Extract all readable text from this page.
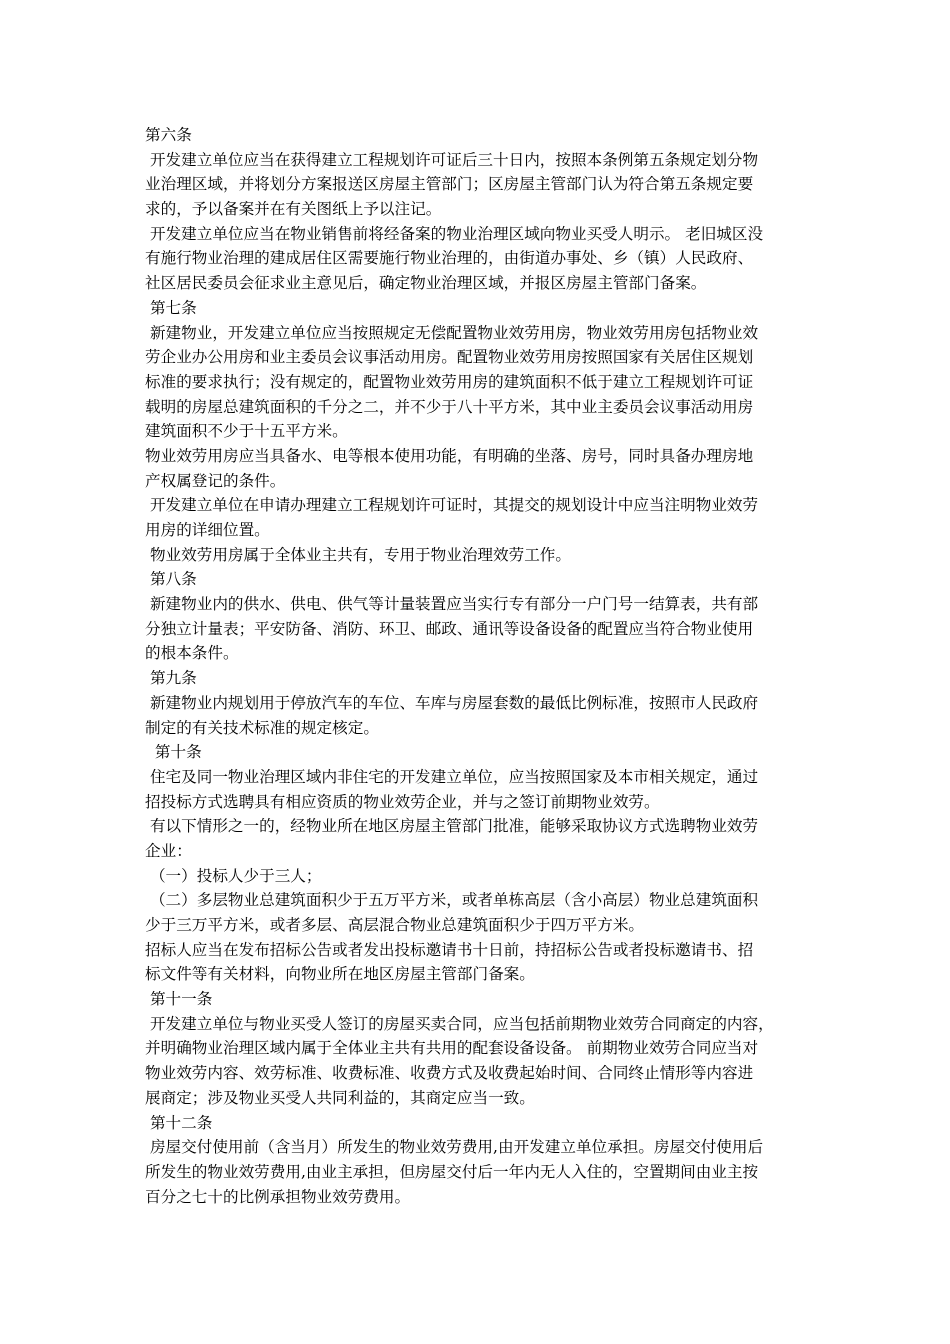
第六条
开发建立单位应当在获得建立工程规划许可证后三十日内，按照本条例第五条规定划分物
业治理区域，并将划分方案报送区房屋主管部门；区房屋主管部门认为符合第五条规定要
求的，予以备案并在有关图纸上予以注记。
开发建立单位应当在物业销售前将经备案的物业治理区域向物业买受人明示。 老旧城区没
有施行物业治理的建成居住区需要施行物业治理的，由街道办事处、乡（镇）人民政府、
社区居民委员会征求业主意见后，确定物业治理区域，并报区房屋主管部门备案。
第七条
新建物业，开发建立单位应当按照规定无偿配置物业效劳用房，物业效劳用房包括物业效
劳企业办公用房和业主委员会议事活动用房。配置物业效劳用房按照国家有关居住区规划
标准的要求执行；没有规定的，配置物业效劳用房的建筑面积不低于建立工程规划许可证
载明的房屋总建筑面积的千分之二，并不少于八十平方米，其中业主委员会议事活动用房
建筑面积不少于十五平方米。
物业效劳用房应当具备水、电等根本使用功能，有明确的坐落、房号，同时具备办理房地
产权属登记的条件。
开发建立单位在申请办理建立工程规划许可证时，其提交的规划设计中应当注明物业效劳
用房的详细位置。
物业效劳用房属于全体业主共有，专用于物业治理效劳工作。
第八条
新建物业内的供水、供电、供气等计量装置应当实行专有部分一户门号一结算表，共有部
分独立计量表；平安防备、消防、环卫、邮政、通讯等设备设备的配置应当符合物业使用
的根本条件。
第九条
新建物业内规划用于停放汽车的车位、车库与房屋套数的最低比例标准，按照市人民政府
制定的有关技术标准的规定核定。
第十条
住宅及同一物业治理区域内非住宅的开发建立单位，应当按照国家及本市相关规定，通过
招投标方式选聘具有相应资质的物业效劳企业，并与之签订前期物业效劳。
有以下情形之一的，经物业所在地区房屋主管部门批准，能够采取协议方式选聘物业效劳
企业：
（一）投标人少于三人；
（二）多层物业总建筑面积少于五万平方米，或者单栋高层（含小高层）物业总建筑面积
少于三万平方米，或者多层、高层混合物业总建筑面积少于四万平方米。
招标人应当在发布招标公告或者发出投标邀请书十日前，持招标公告或者投标邀请书、招
标文件等有关材料，向物业所在地区房屋主管部门备案。
第十一条
开发建立单位与物业买受人签订的房屋买卖合同，应当包括前期物业效劳合同商定的内容，
并明确物业治理区域内属于全体业主共有共用的配套设备设备。 前期物业效劳合同应当对
物业效劳内容、效劳标准、收费标准、收费方式及收费起始时间、合同终止情形等内容进
展商定；涉及物业买受人共同利益的，其商定应当一致。
第十二条
房屋交付使用前（含当月）所发生的物业效劳费用,由开发建立单位承担。房屋交付使用后
所发生的物业效劳费用,由业主承担，但房屋交付后一年内无人入住的，空置期间由业主按
百分之七十的比例承担物业效劳费用。
